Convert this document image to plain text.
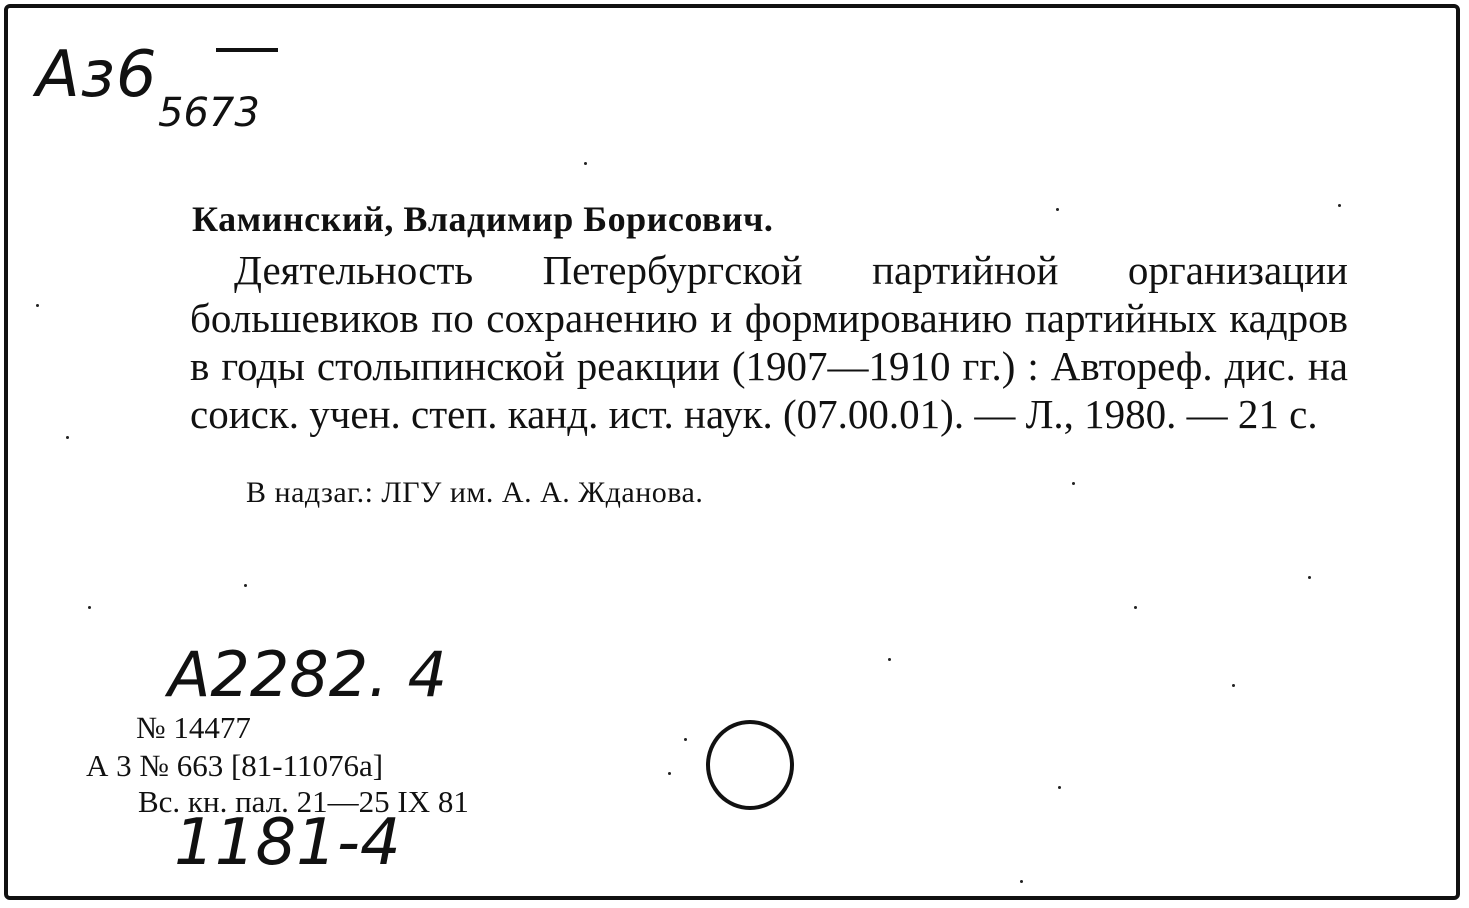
Аз6
5673
Каминский, Владимир Борисович.
Деятельность Петербургской партийной организации большевиков по сохранению и формированию партийных кадров в годы столыпинской реакции (1907—1910 гг.) : Автореф. дис. на соиск. учен. степ. канд. ист. наук. (07.00.01). — Л., 1980. — 21 с.
В надзаг.: ЛГУ им. А. А. Жданова.
А2282. 4
№ 14477
А 3 № 663 [81-11076а]
Вс. кн. пал. 21—25 IX 81
1181-4
